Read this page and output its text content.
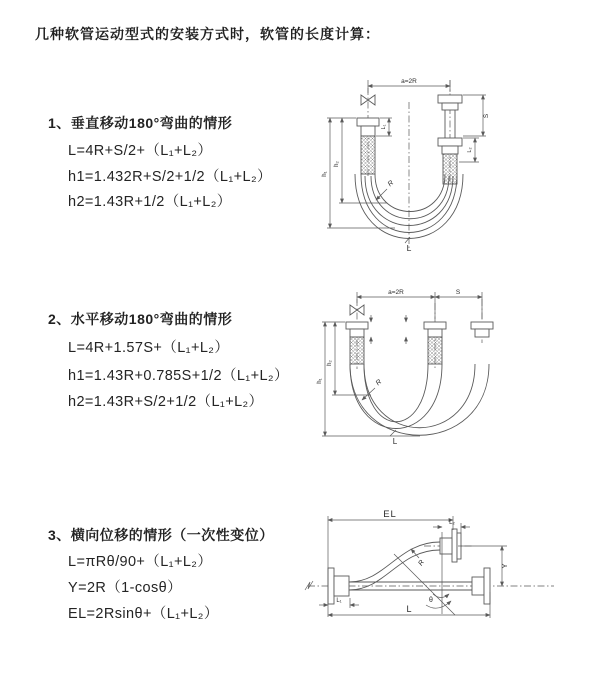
几种软管运动型式的安装方式时，软管的长度计算：
1、垂直移动180°弯曲的情形
L=4R+S/2+（L₁+L₂）
h1=1.432R+S/2+1/2（L₁+L₂）
h2=1.43R+1/2（L₁+L₂）
2、水平移动180°弯曲的情形
L=4R+1.57S+（L₁+L₂）
h1=1.43R+0.785S+1/2（L₁+L₂）
h2=1.43R+S/2+1/2（L₁+L₂）
3、横向位移的情形（一次性变位）
L=πRθ/90+（L₁+L₂）
Y=2R（1-cosθ）
EL=2Rsinθ+（L₁+L₂）
a=2R
L₁
S
L₂
h₁
h₂
R
L
a=2R	S
h₁
h₂
R
L
θ
R
EL
L₂
Y
L
L₁
